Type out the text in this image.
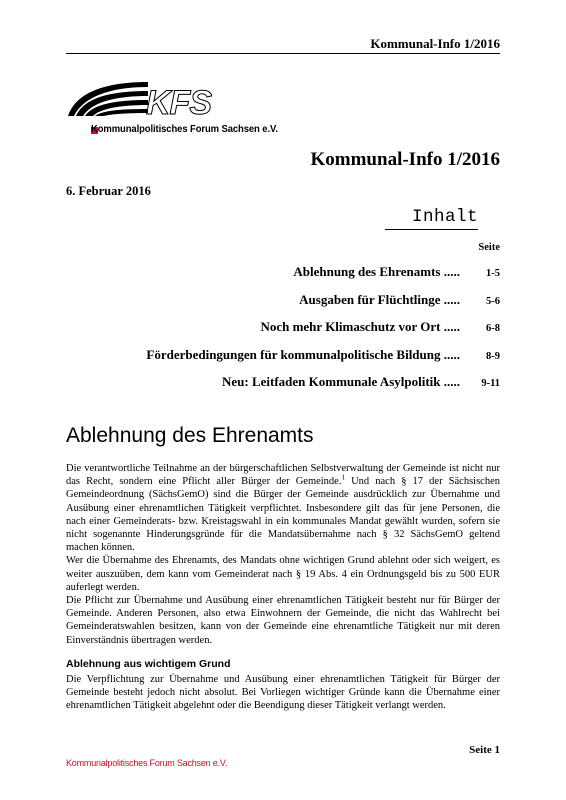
Kommunal-Info 1/2016
KFS
Kommunalpolitisches Forum Sachsen e.V.
Kommunal-Info 1/2016
6. Februar 2016
Inhalt
Seite
Ablehnung des Ehrenamts .....	1-5
Ausgaben für Flüchtlinge .....	5-6
Noch mehr Klimaschutz vor Ort .....	6-8
Förderbedingungen für kommunalpolitische Bildung .....	8-9
Neu: Leitfaden Kommunale Asylpolitik .....	9-11
Ablehnung des Ehrenamts

Die verantwortliche Teilnahme an der bürgerschaftlichen Selbstverwaltung der Gemeinde ist nicht nur das Recht, sondern eine Pflicht aller Bürger der Gemeinde.$^1$ Und nach § 17 der Sächsischen Gemeindeordnung (SächsGemO) sind die Bürger der Gemeinde ausdrücklich zur Übernahme und Ausübung einer ehrenamtlichen Tätigkeit verpflichtet. Insbesondere gilt das für jene Personen, die nach einer Gemeinderats- bzw. Kreistagswahl in ein kommunales Mandat gewählt wurden, sofern sie nicht sogenannte Hinderungsgründe für die Mandatsübernahme nach § 32 SächsGemO geltend machen können.

Wer die Übernahme des Ehrenamts, des Mandats ohne wichtigen Grund ablehnt oder sich weigert, es weiter auszuüben, dem kann vom Gemeinderat nach § 19 Abs. 4 ein Ordnungsgeld bis zu 500 EUR auferlegt werden.

Die Pflicht zur Übernahme und Ausübung einer ehrenamtlichen Tätigkeit besteht nur für Bürger der Gemeinde. Anderen Personen, also etwa Einwohnern der Gemeinde, die nicht das Wahlrecht bei Gemeinderatswahlen besitzen, kann von der Gemeinde eine ehrenamtliche Tätigkeit nur mit deren Einverständnis übertragen werden.

Ablehnung aus wichtigem Grund

Die Verpflichtung zur Übernahme und Ausübung einer ehrenamtlichen Tätigkeit für Bürger der Gemeinde besteht jedoch nicht absolut. Bei Vorliegen wichtiger Gründe kann die Übernahme einer ehrenamtlichen Tätigkeit abgelehnt oder die Beendigung dieser Tätigkeit verlangt werden.

Seite 1
Kommunalpolitisches Forum Sachsen e.V.
